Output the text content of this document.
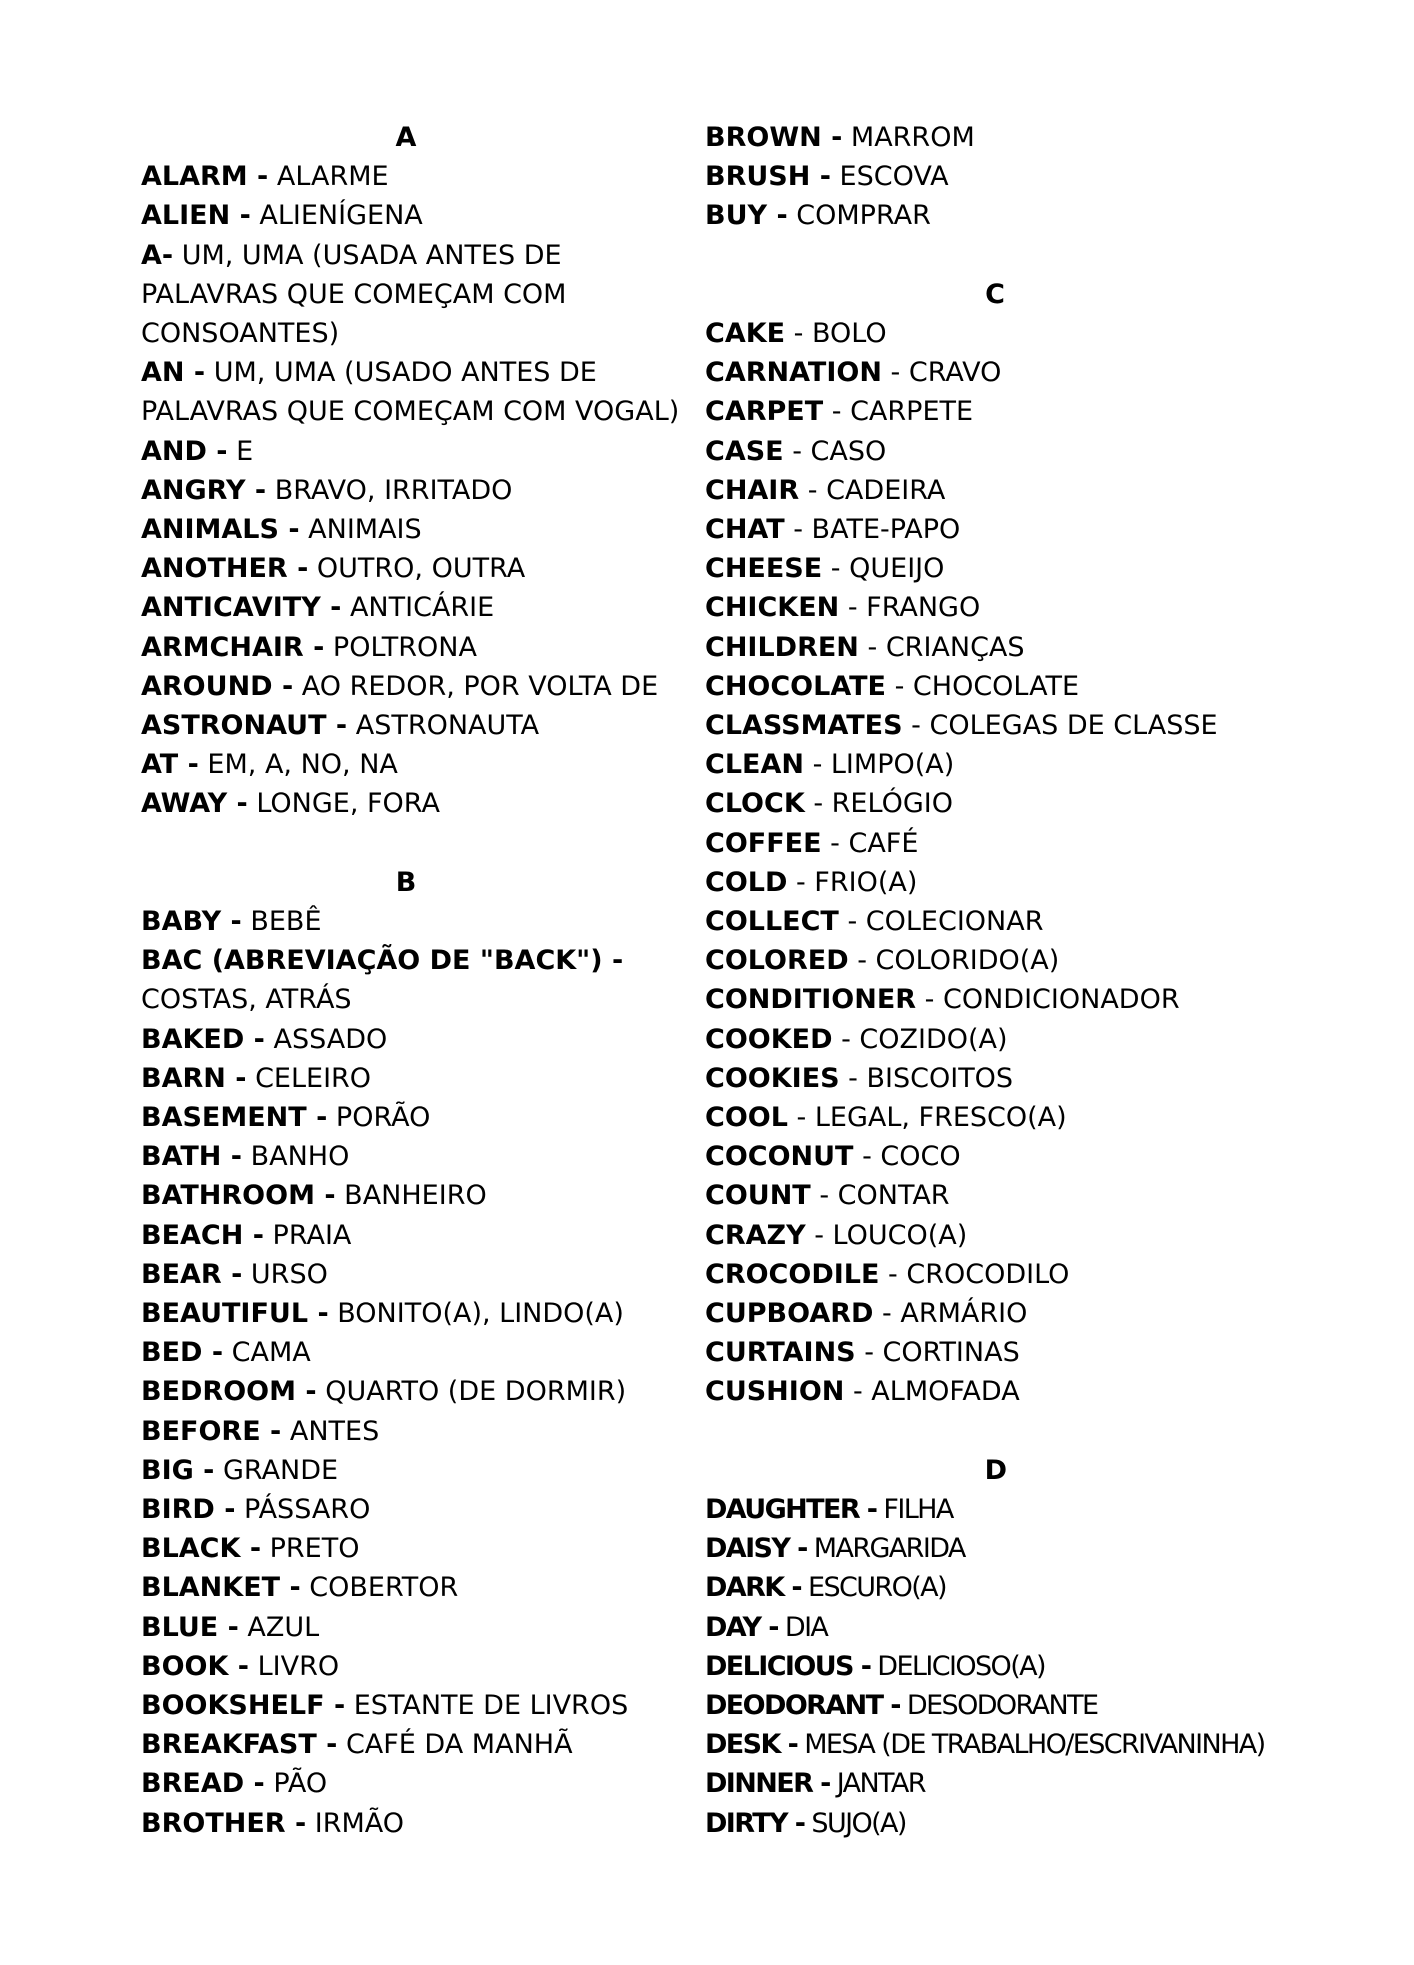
A
ALARM - ALARME
ALIEN - ALIENÍGENA
A- UM, UMA (USADA ANTES DE PALAVRAS QUE COMEÇAM COM CONSOANTES)
AN - UM, UMA (USADO ANTES DE PALAVRAS QUE COMEÇAM COM VOGAL)
AND - E
ANGRY - BRAVO, IRRITADO
ANIMALS - ANIMAIS
ANOTHER - OUTRO, OUTRA
ANTICAVITY - ANTICÁRIE
ARMCHAIR - POLTRONA
AROUND - AO REDOR, POR VOLTA DE
ASTRONAUT - ASTRONAUTA
AT - EM, A, NO, NA
AWAY - LONGE, FORA
B
BABY - BEBÊ
BAC (ABREVIAÇÃO DE "BACK") - COSTAS, ATRÁS
BAKED - ASSADO
BARN - CELEIRO
BASEMENT - PORÃO
BATH - BANHO
BATHROOM - BANHEIRO
BEACH - PRAIA
BEAR - URSO
BEAUTIFUL - BONITO(A), LINDO(A)
BED - CAMA
BEDROOM - QUARTO (DE DORMIR)
BEFORE - ANTES
BIG - GRANDE
BIRD - PÁSSARO
BLACK - PRETO
BLANKET - COBERTOR
BLUE - AZUL
BOOK - LIVRO
BOOKSHELF - ESTANTE DE LIVROS
BREAKFAST - CAFÉ DA MANHÃ
BREAD - PÃO
BROTHER - IRMÃO
BROWN - MARROM
BRUSH - ESCOVA
BUY - COMPRAR
C
CAKE - BOLO
CARNATION - CRAVO
CARPET - CARPETE
CASE - CASO
CHAIR - CADEIRA
CHAT - BATE-PAPO
CHEESE - QUEIJO
CHICKEN - FRANGO
CHILDREN - CRIANÇAS
CHOCOLATE - CHOCOLATE
CLASSMATES - COLEGAS DE CLASSE
CLEAN - LIMPO(A)
CLOCK - RELÓGIO
COFFEE - CAFÉ
COLD - FRIO(A)
COLLECT - COLECIONAR
COLORED - COLORIDO(A)
CONDITIONER - CONDICIONADOR
COOKED - COZIDO(A)
COOKIES - BISCOITOS
COOL - LEGAL, FRESCO(A)
COCONUT - COCO
COUNT - CONTAR
CRAZY - LOUCO(A)
CROCODILE - CROCODILO
CUPBOARD - ARMÁRIO
CURTAINS - CORTINAS
CUSHION - ALMOFADA
D
DAUGHTER - FILHA
DAISY - MARGARIDA
DARK - ESCURO(A)
DAY - DIA
DELICIOUS - DELICIOSO(A)
DEODORANT - DESODORANTE
DESK - MESA (DE TRABALHO/ESCRIVANINHA)
DINNER - JANTAR
DIRTY - SUJO(A)
